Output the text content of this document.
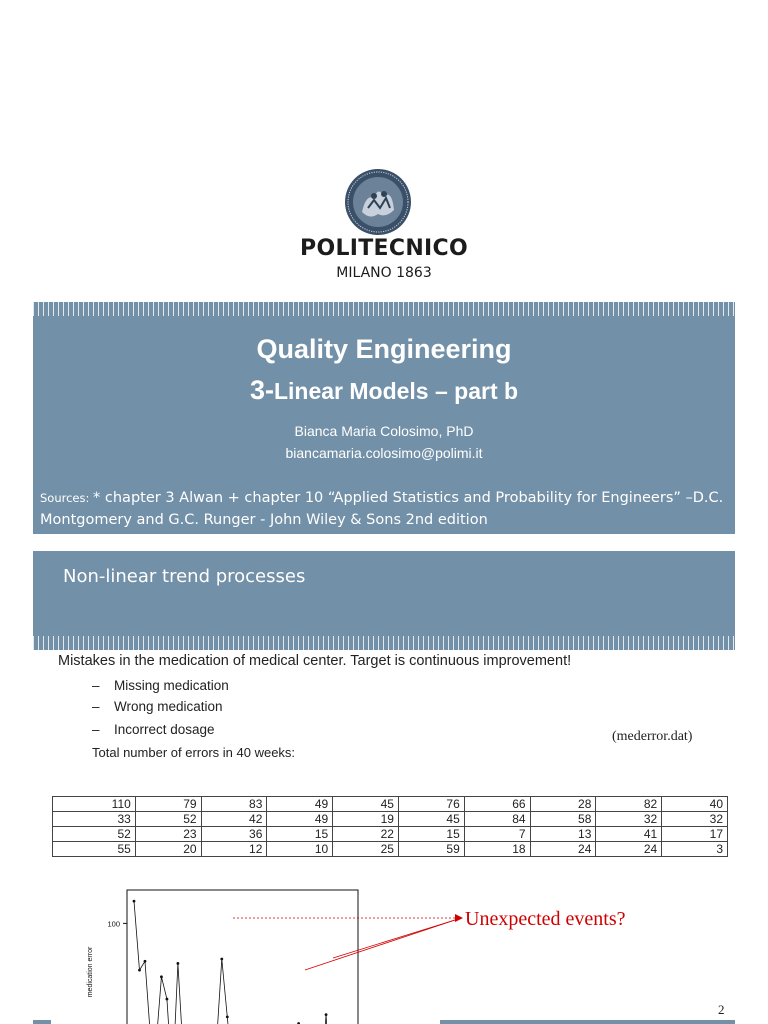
POLITECNICO
MILANO 1863
Quality Engineering
3-Linear Models – part b
Bianca Maria Colosimo, PhD
biancamaria.colosimo@polimi.it
Sources: * chapter 3 Alwan + chapter 10 “Applied Statistics and Probability for Engineers” –D.C. Montgomery and G.C. Runger - John Wiley & Sons 2nd edition
Non-linear trend processes
Mistakes in the medication of medical center. Target is continuous improvement!
– Missing medication
– Wrong medication
– Incorrect dosage
Total number of errors in 40 weeks:
(mederror.dat)
110	79	83	49	45	76	66	28	82	40
33	52	42	49	19	45	84	58	32	32
52	23	36	15	22	15	7	13	41	17
55	20	12	10	25	59	18	24	24	3
100
medication error
Unexpected events?
2
